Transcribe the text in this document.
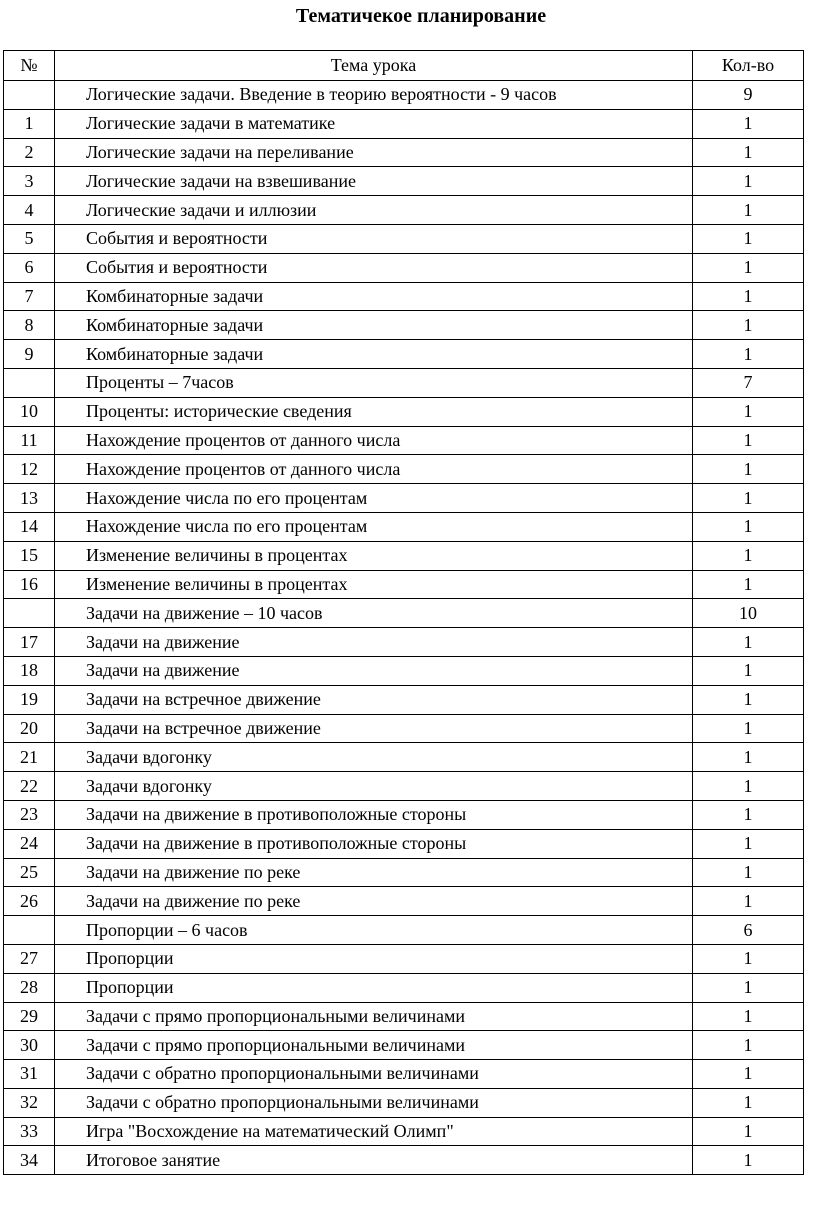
Тематичекое планирование
№	Тема урока	Кол-во
	Логические задачи. Введение в теорию вероятности - 9 часов	9
1	Логические задачи в математике	1
2	Логические задачи на переливание	1
3	Логические задачи на взвешивание	1
4	Логические задачи и иллюзии	1
5	События и вероятности	1
6	События и вероятности	1
7	Комбинаторные задачи	1
8	Комбинаторные задачи	1
9	Комбинаторные задачи	1
	Проценты – 7часов	7
10	Проценты: исторические сведения	1
11	Нахождение процентов от данного числа	1
12	Нахождение процентов от данного числа	1
13	Нахождение числа по его процентам	1
14	Нахождение числа по его процентам	1
15	Изменение величины в процентах	1
16	Изменение величины в процентах	1
	Задачи на движение – 10 часов	10
17	Задачи на движение	1
18	Задачи на движение	1
19	Задачи на встречное движение	1
20	Задачи на встречное движение	1
21	Задачи вдогонку	1
22	Задачи вдогонку	1
23	Задачи на движение в противоположные стороны	1
24	Задачи на движение в противоположные стороны	1
25	Задачи на движение по реке	1
26	Задачи на движение по реке	1
	Пропорции – 6 часов	6
27	Пропорции	1
28	Пропорции	1
29	Задачи с прямо пропорциональными величинами	1
30	Задачи с прямо пропорциональными величинами	1
31	Задачи с обратно пропорциональными величинами	1
32	Задачи с обратно пропорциональными величинами	1
33	Игра "Восхождение на математический Олимп"	1
34	Итоговое занятие	1
